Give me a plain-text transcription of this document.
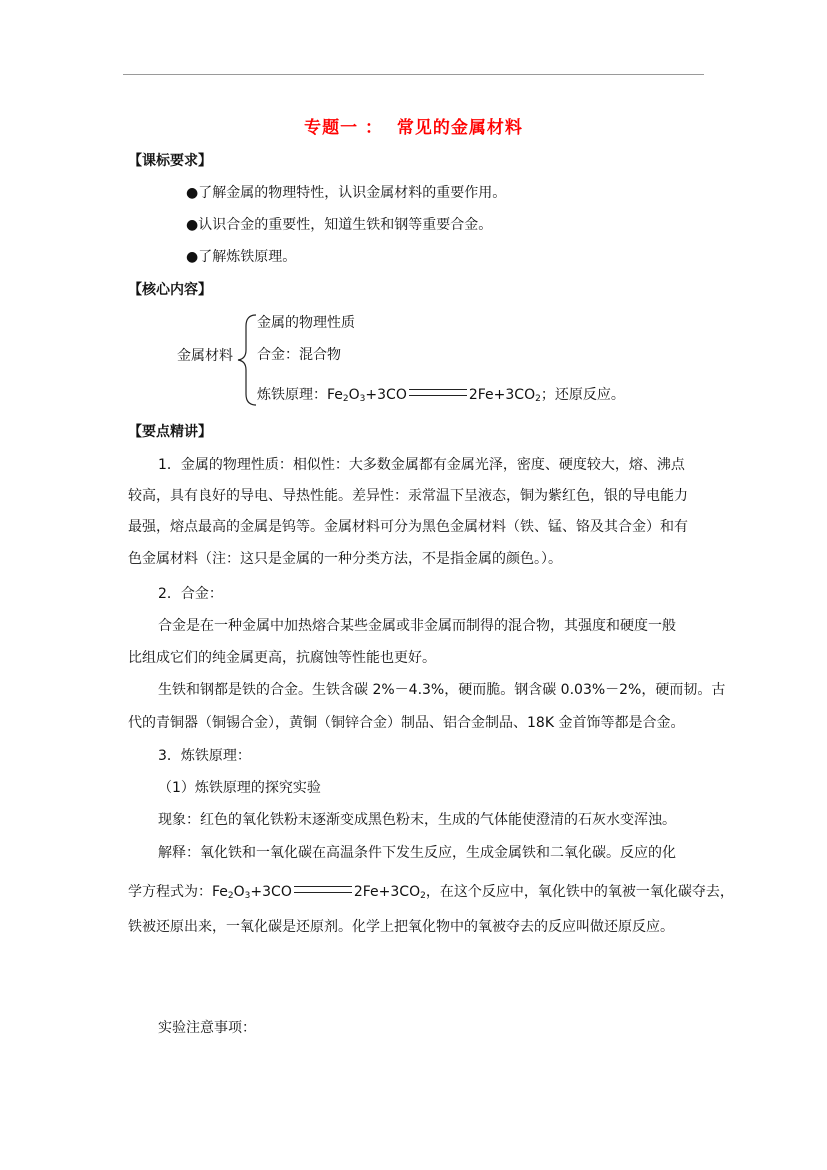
专题一 ：  常见的金属材料
【课标要求】
●了解金属的物理特性，认识金属材料的重要作用。
●认识合金的重要性，知道生铁和钢等重要合金。
●了解炼铁原理。
【核心内容】
金属材料
金属的物理性质
合金：混合物
炼铁原理：$Fe_2O_3+3CO$	$2Fe+3CO_2$；还原反应。
【要点精讲】
1．金属的物理性质：相似性：大多数金属都有金属光泽，密度、硬度较大，熔、沸点
较高，具有良好的导电、导热性能。差异性：汞常温下呈液态，铜为紫红色，银的导电能力
最强，熔点最高的金属是钨等。金属材料可分为黑色金属材料（铁、锰、铬及其合金）和有
色金属材料（注：这只是金属的一种分类方法，不是指金属的颜色。）。
2．合金：
合金是在一种金属中加热熔合某些金属或非金属而制得的混合物，其强度和硬度一般
比组成它们的纯金属更高，抗腐蚀等性能也更好。
生铁和钢都是铁的合金。生铁含碳 2%－4.3%，硬而脆。钢含碳 0.03%－2%，硬而韧。古
代的青铜器（铜锡合金），黄铜（铜锌合金）制品、铝合金制品、18K 金首饰等都是合金。
3．炼铁原理：
（1）炼铁原理的探究实验
现象：红色的氧化铁粉末逐渐变成黑色粉末，生成的气体能使澄清的石灰水变浑浊。
解释：氧化铁和一氧化碳在高温条件下发生反应，生成金属铁和二氧化碳。反应的化
学方程式为：$Fe_2O_3+3CO$	$2Fe+3CO_2$，在这个反应中，氧化铁中的氧被一氧化碳夺去，
铁被还原出来，一氧化碳是还原剂。化学上把氧化物中的氧被夺去的反应叫做还原反应。
实验注意事项：
